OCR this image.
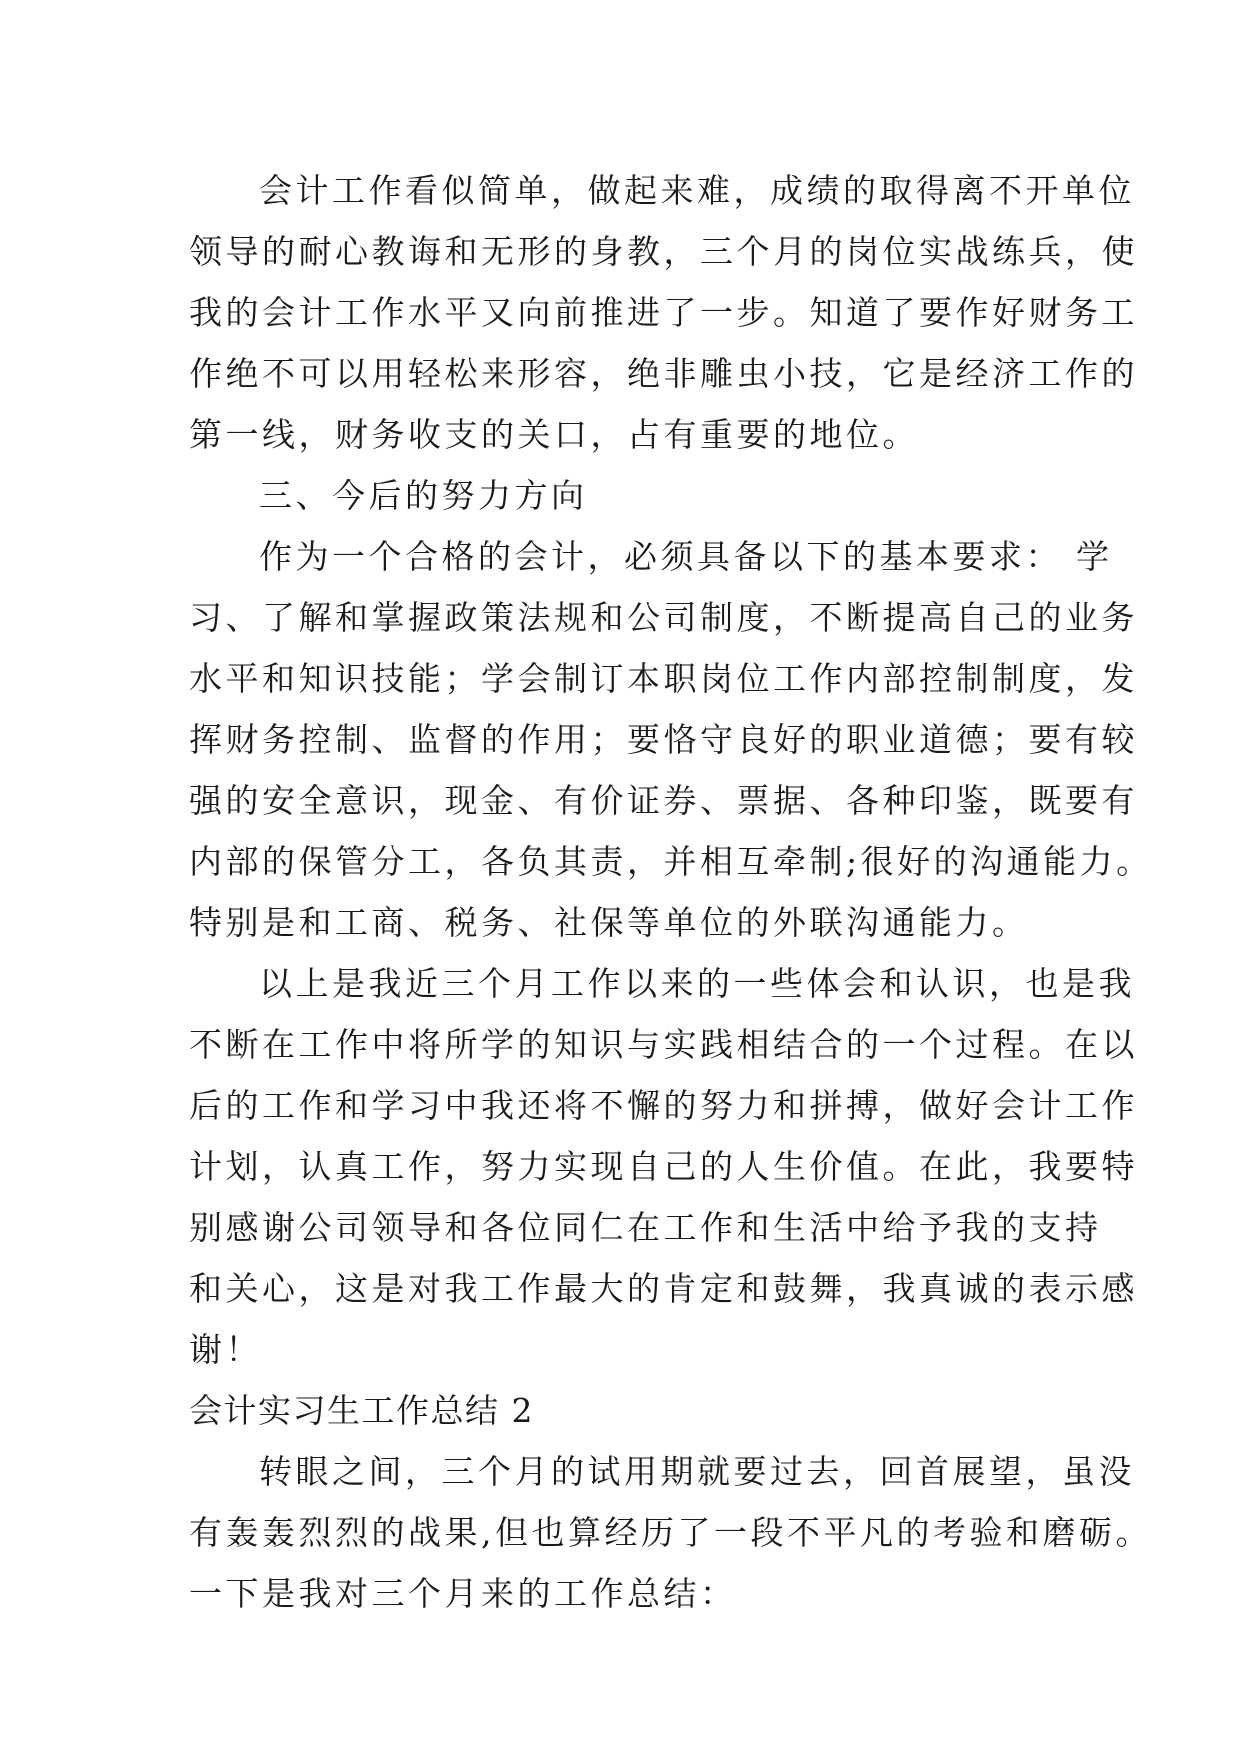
会计工作看似简单，做起来难，成绩的取得离不开单位
领导的耐心教诲和无形的身教，三个月的岗位实战练兵，使
我的会计工作水平又向前推进了一步。知道了要作好财务工
作绝不可以用轻松来形容，绝非雕虫小技，它是经济工作的
第一线，财务收支的关口，占有重要的地位。
三、今后的努力方向
作为一个合格的会计，必须具备以下的基本要求： 学
习、了解和掌握政策法规和公司制度，不断提高自己的业务
水平和知识技能；学会制订本职岗位工作内部控制制度，发
挥财务控制、监督的作用；要恪守良好的职业道德；要有较
强的安全意识，现金、有价证券、票据、各种印鉴，既要有
内部的保管分工，各负其责，并相互牵制;很好的沟通能力。
特别是和工商、税务、社保等单位的外联沟通能力。
以上是我近三个月工作以来的一些体会和认识，也是我
不断在工作中将所学的知识与实践相结合的一个过程。在以
后的工作和学习中我还将不懈的努力和拼搏，做好会计工作
计划，认真工作，努力实现自己的人生价值。在此，我要特
别感谢公司领导和各位同仁在工作和生活中给予我的支持
和关心，这是对我工作最大的肯定和鼓舞，我真诚的表示感
谢！
会计实习生工作总结 2
转眼之间，三个月的试用期就要过去，回首展望，虽没
有轰轰烈烈的战果,但也算经历了一段不平凡的考验和磨砺。
一下是我对三个月来的工作总结：
